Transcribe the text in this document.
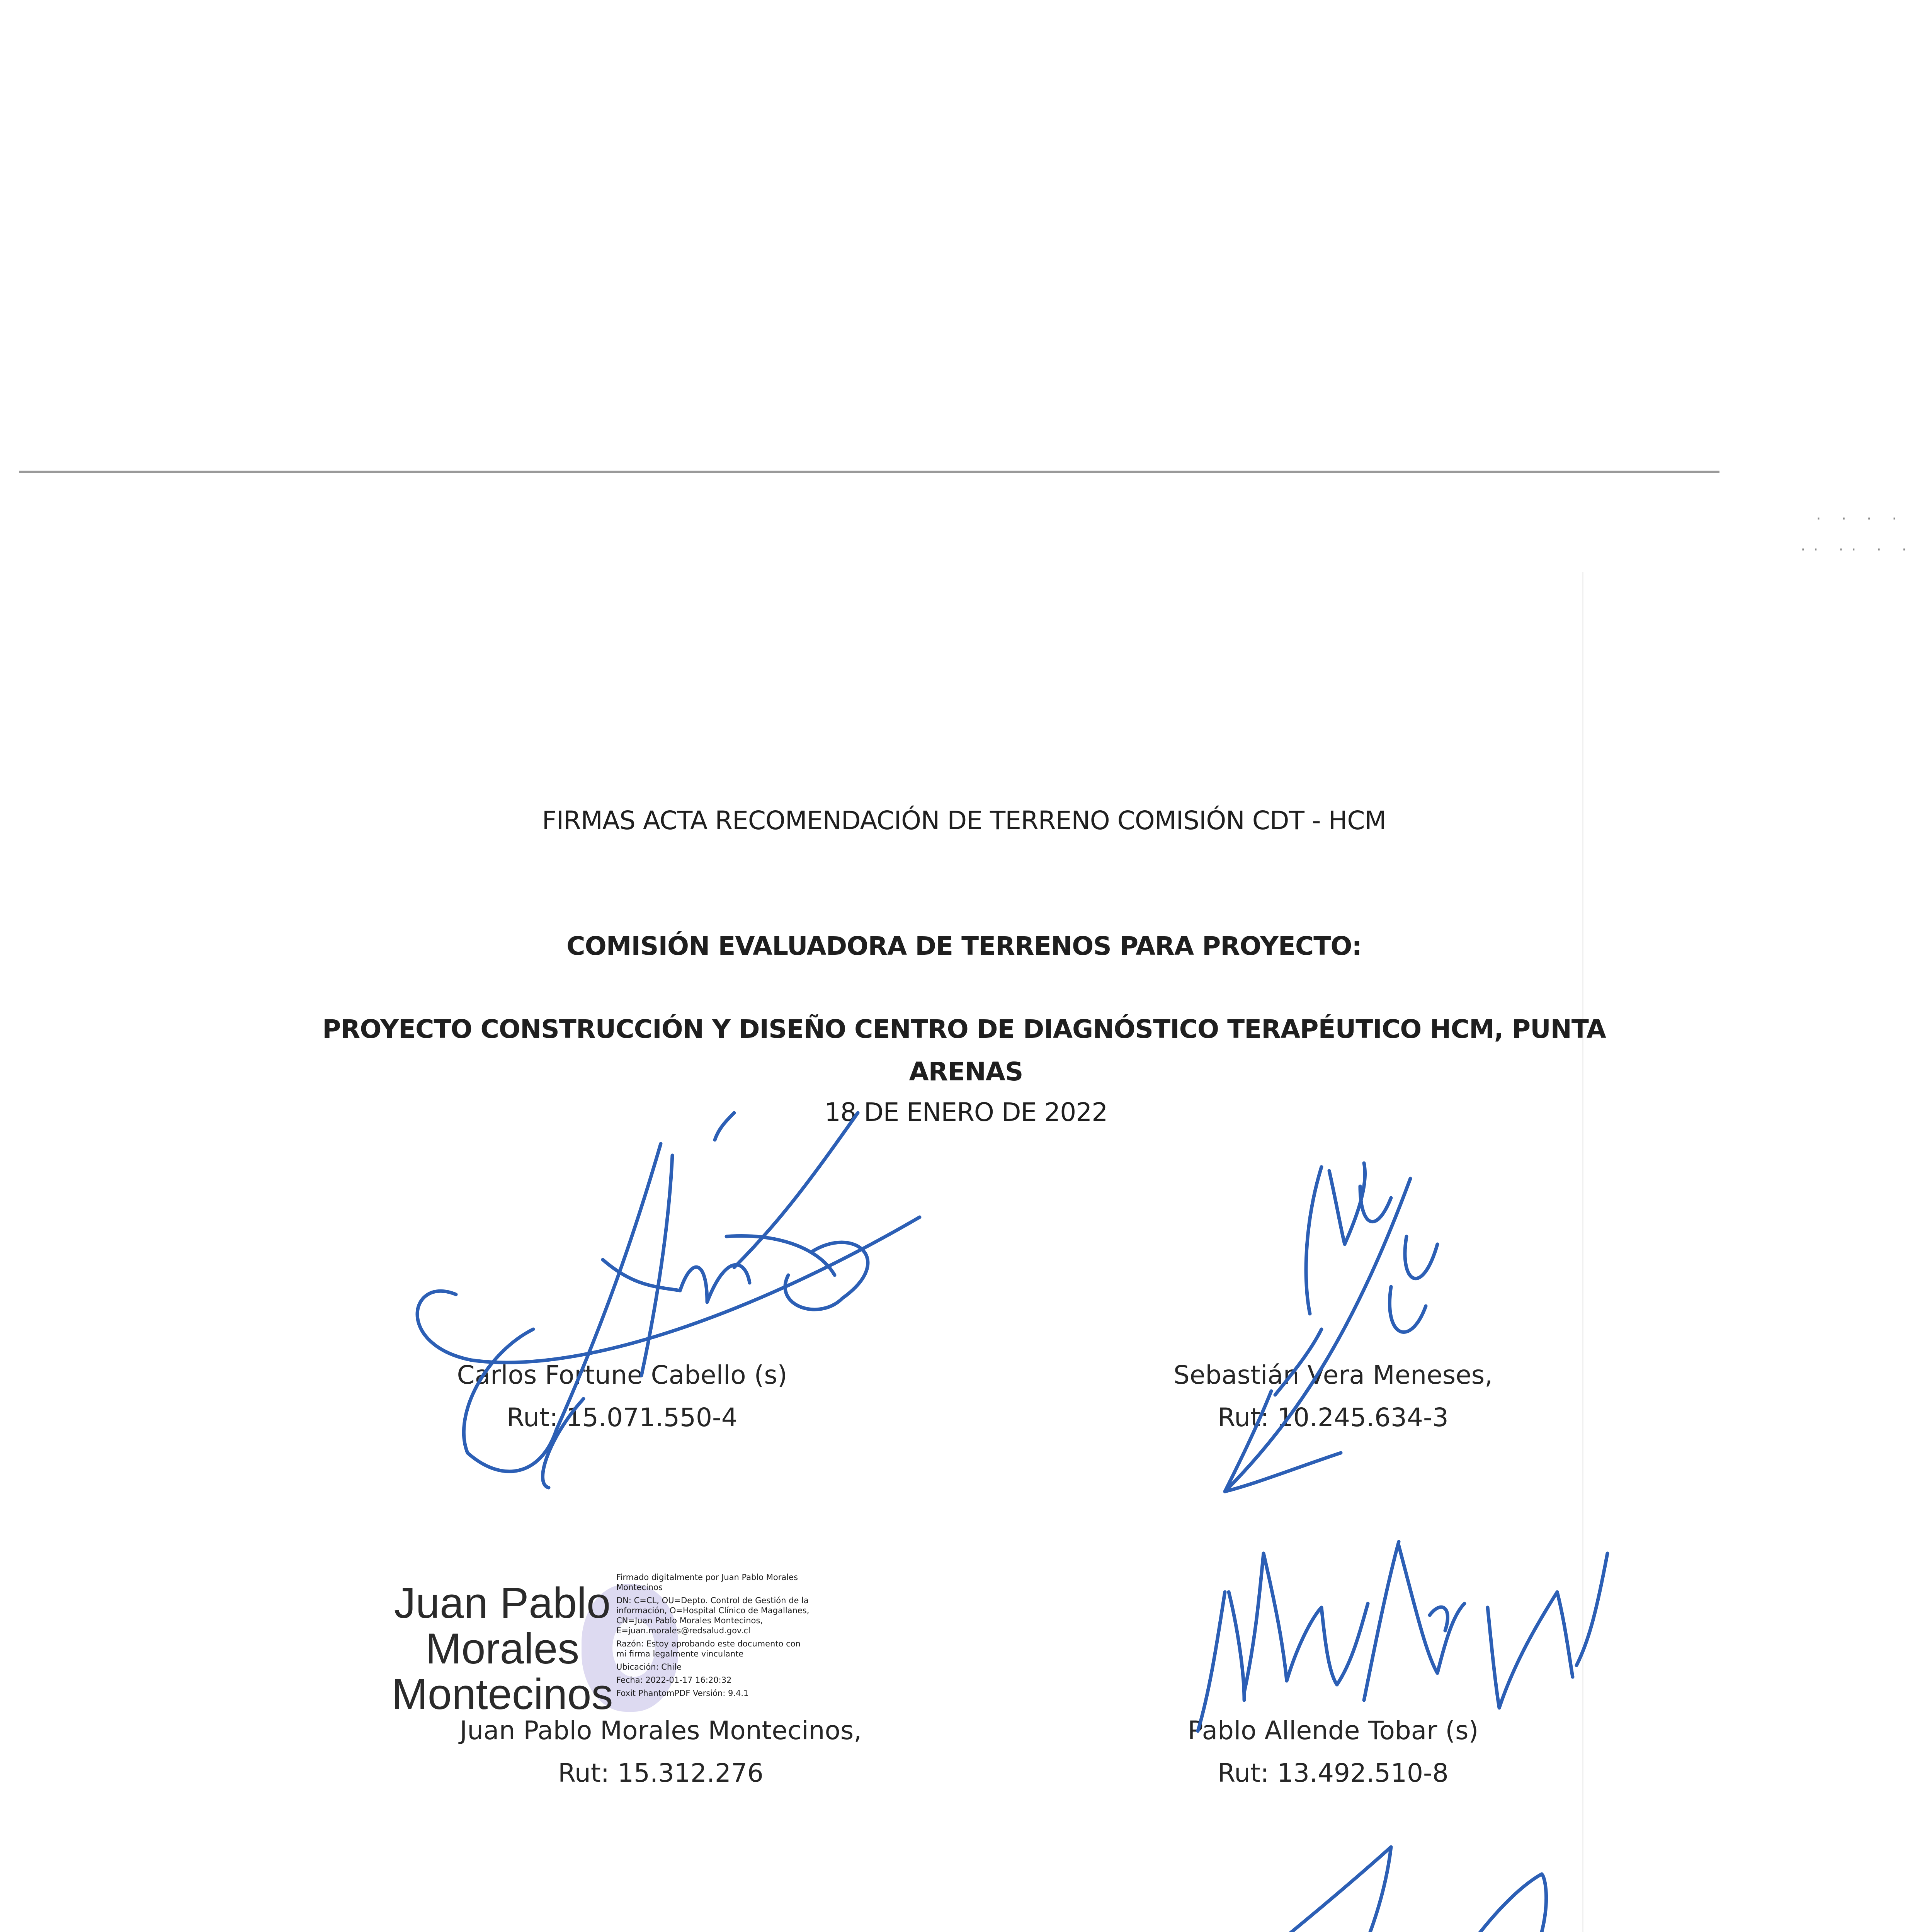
· · · ·
·· ·· · ·
FIRMAS ACTA RECOMENDACIÓN DE TERRENO COMISIÓN CDT - HCM
COMISIÓN EVALUADORA DE TERRENOS PARA PROYECTO:
PROYECTO CONSTRUCCIÓN Y DISEÑO CENTRO DE DIAGNÓSTICO TERAPÉUTICO HCM, PUNTA
ARENAS
18 DE ENERO DE 2022
Carlos Fortune Cabello (s)
Rut: 15.071.550-4
Sebastián Vera Meneses,
Rut: 10.245.634-3
Juan Pablo Morales Montecinos,
Rut: 15.312.276
Pablo Allende Tobar (s)
Rut: 13.492.510-8
Firmado digitalmente por Juan Pablo Morales
Montecinos
DN: C=CL, OU=Depto. Control de Gestión de la
información, O=Hospital Clínico de Magallanes,
CN=Juan Pablo Morales Montecinos,
E=juan.morales@redsalud.gov.cl
Razón: Estoy aprobando este documento con
mi firma legalmente vinculante
Ubicación: Chile
Fecha: 2022-01-17 16:20:32
Foxit PhantomPDF Versión: 9.4.1
Juan Pablo
Morales
Montecinos
